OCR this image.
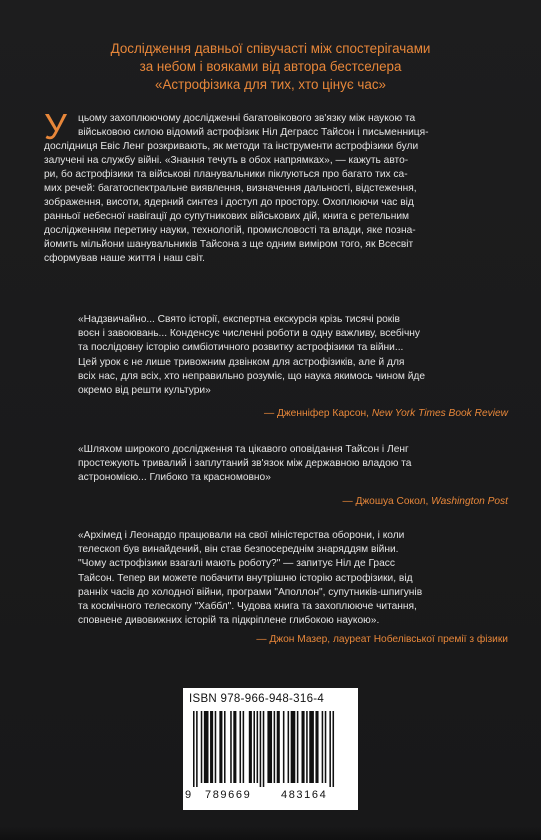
Дослідження давньої співучасті між спостерігачами
за небом і вояками від автора бестселера
«Астрофізика для тих, хто цінує час»
У цьому захоплюючому дослідженні багатовікового зв'язку між наукою та
військовою силою відомий астрофізик Ніл Деграсс Тайсон і письменниця-
дослідниця Евіс Ленг розкривають, як методи та інструменти астрофізики були
залучені на службу війні. «Знання течуть в обох напрямках», — кажуть авто-
ри, бо астрофізики та військові планувальники піклуються про багато тих са-
мих речей: багатоспектральне виявлення, визначення дальності, відстеження,
зображення, висоти, ядерний синтез і доступ до простору. Охоплюючи час від
ранньої небесної навігації до супутникових військових дій, книга є ретельним
дослідженням перетину науки, технологій, промисловості та влади, яке позна-
йомить мільйони шанувальників Тайсона з ще одним виміром того, як Всесвіт
сформував наше життя і наш світ.
«Надзвичайно... Свято історії, експертна екскурсія крізь тисячі років
воєн і завоювань... Конденсує численні роботи в одну важливу, всебічну
та послідовну історію симбіотичного розвитку астрофізики та війни...
Цей урок є не лише тривожним дзвінком для астрофізиків, але й для
всіх нас, для всіх, хто неправильно розуміє, що наука якимось чином йде
окремо від решти культури»
— Дженніфер Карсон, New York Times Book Review
«Шляхом широкого дослідження та цікавого оповідання Тайсон і Ленг
простежують тривалий і заплутаний зв'язок між державною владою та
астрономією... Глибоко та красномовно»
— Джошуа Сокол, Washington Post
«Архімед і Леонардо працювали на свої міністерства оборони, і коли
телескоп був винайдений, він став безпосереднім знаряддям війни.
"Чому астрофізики взагалі мають роботу?" — запитує Ніл де Грасс
Тайсон. Тепер ви можете побачити внутрішню історію астрофізики, від
ранніх часів до холодної війни, програми "Аполлон", супутників-шпигунів
та космічного телескопу "Хаббл". Чудова книга та захоплююче читання,
сповнене дивовижних історій та підкріплене глибокою наукою».
— Джон Мазер, лауреат Нобелівської премії з фізики
ISBN 978-966-948-316-4
9 789669	483164
